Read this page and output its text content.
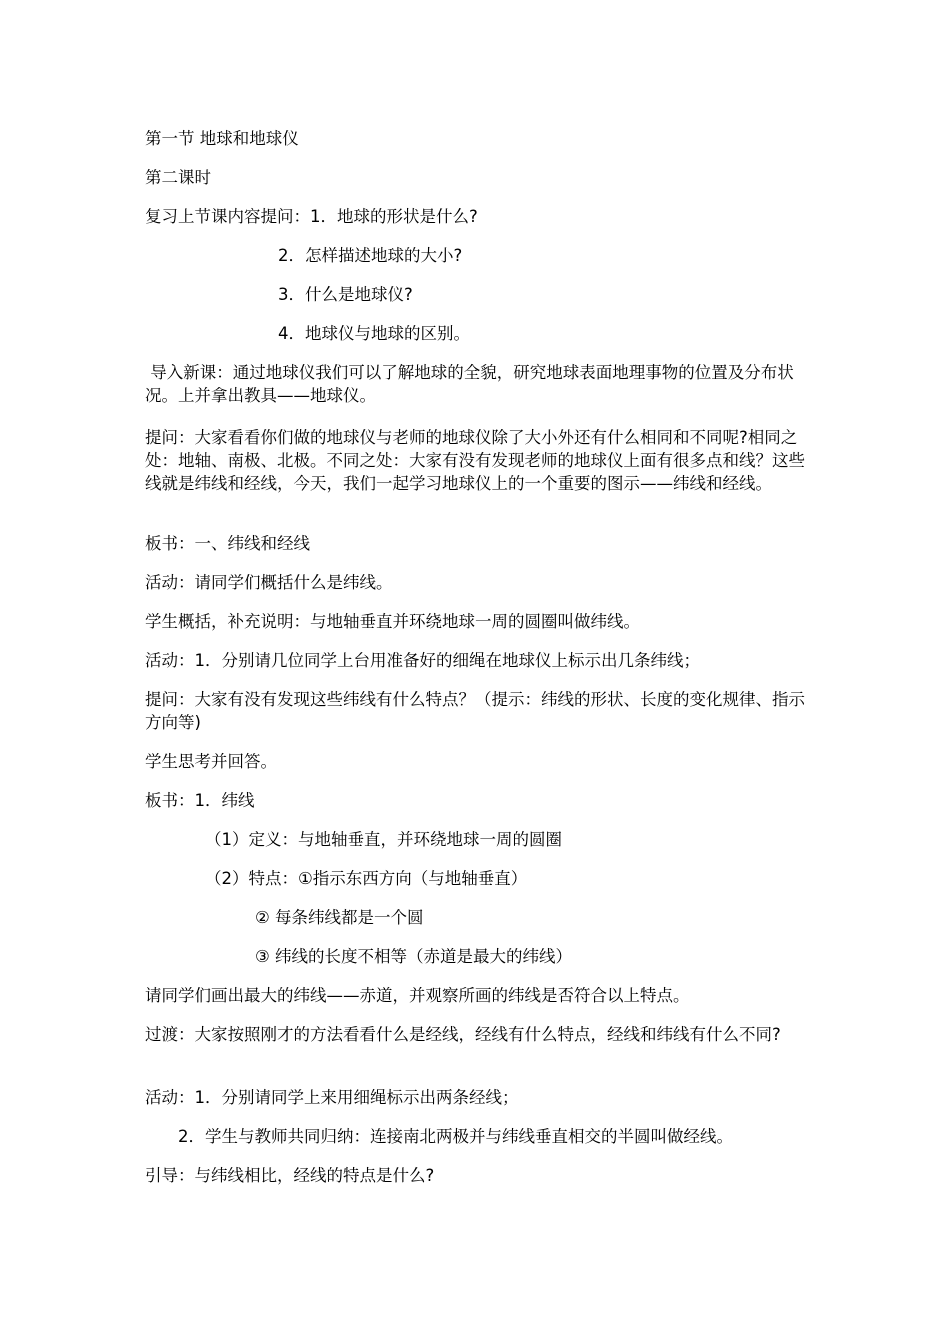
第一节 地球和地球仪
第二课时
复习上节课内容提问：1．地球的形状是什么?
2．怎样描述地球的大小?
3．什么是地球仪?
4．地球仪与地球的区别。
导入新课：通过地球仪我们可以了解地球的全貌，研究地球表面地理事物的位置及分布状况。上并拿出教具——地球仪。
提问：大家看看你们做的地球仪与老师的地球仪除了大小外还有什么相同和不同呢?相同之处：地轴、南极、北极。不同之处：大家有没有发现老师的地球仪上面有很多点和线？这些线就是纬线和经线，今天，我们一起学习地球仪上的一个重要的图示——纬线和经线。
板书：一、纬线和经线
活动：请同学们概括什么是纬线。
学生概括，补充说明：与地轴垂直并环绕地球一周的圆圈叫做纬线。
活动：1．分别请几位同学上台用准备好的细绳在地球仪上标示出几条纬线；
提问：大家有没有发现这些纬线有什么特点？（提示：纬线的形状、长度的变化规律、指示方向等)
学生思考并回答。
板书：1．纬线
（1）定义：与地轴垂直，并环绕地球一周的圆圈
（2）特点：①指示东西方向（与地轴垂直）
② 每条纬线都是一个圆
③ 纬线的长度不相等（赤道是最大的纬线）
请同学们画出最大的纬线——赤道，并观察所画的纬线是否符合以上特点。
过渡：大家按照刚才的方法看看什么是经线，经线有什么特点，经线和纬线有什么不同?
活动：1．分别请同学上来用细绳标示出两条经线；
2．学生与教师共同归纳：连接南北两极并与纬线垂直相交的半圆叫做经线。
引导：与纬线相比，经线的特点是什么?
